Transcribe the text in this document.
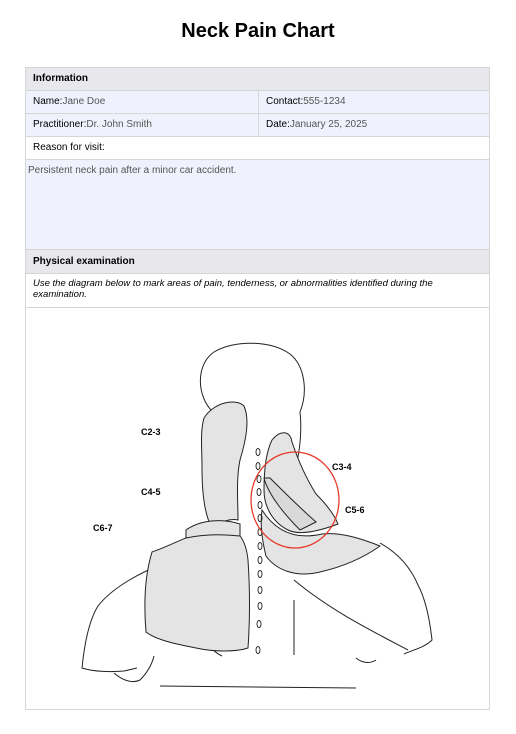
Neck Pain Chart
Information
Name:Jane Doe	Contact:555-1234
Practitioner:Dr. John Smith	Date:January 25, 2025
Reason for visit:
Persistent neck pain after a minor car accident.
Physical examination
Use the diagram below to mark areas of pain, tenderness, or abnormalities identified during the examination.
C2-3
C3-4
C4-5
C5-6
C6-7
